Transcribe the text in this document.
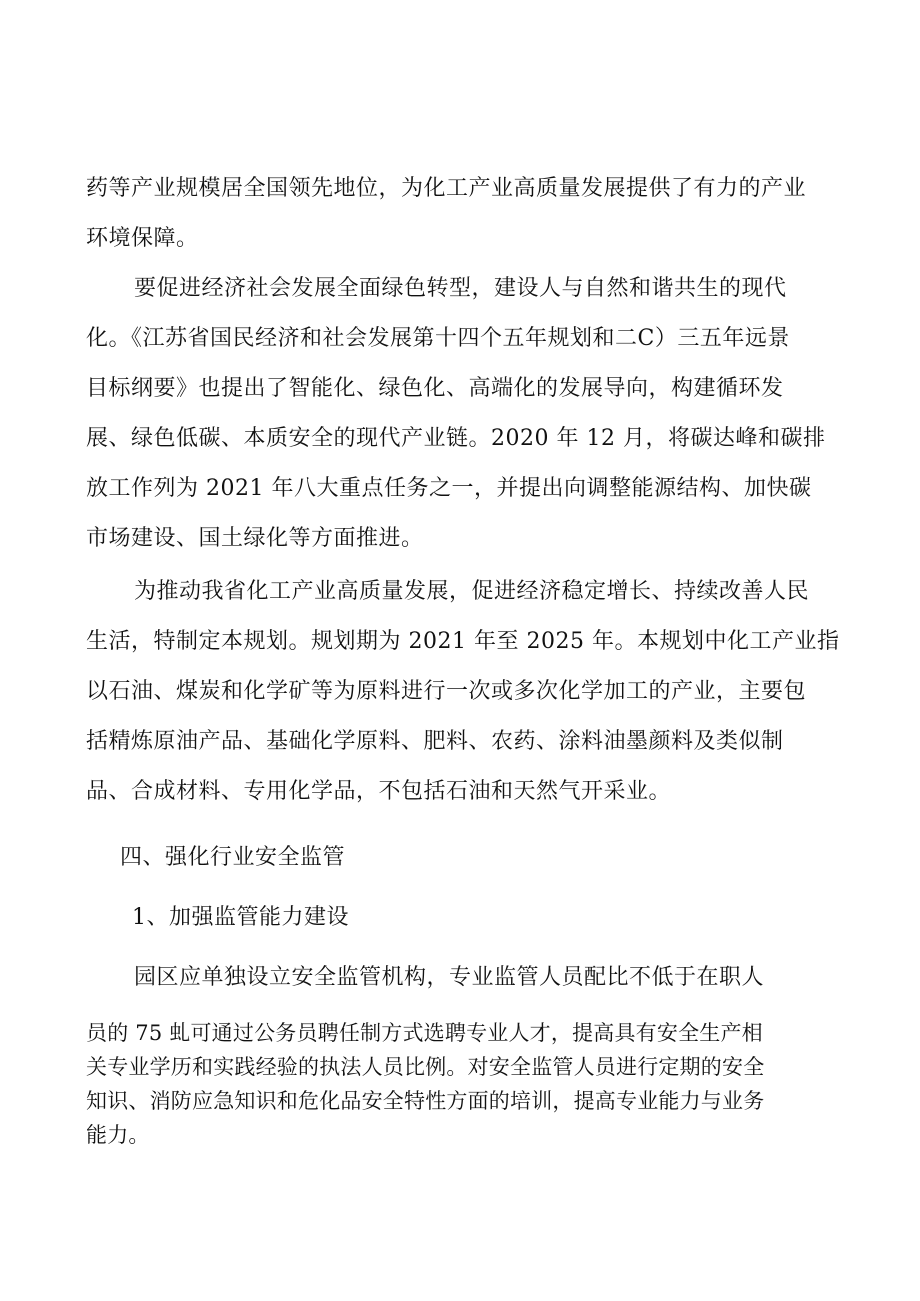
药等产业规模居全国领先地位，为化工产业高质量发展提供了有力的产业
环境保障。
要促进经济社会发展全面绿色转型，建设人与自然和谐共生的现代
化。《江苏省国民经济和社会发展第十四个五年规划和二C）三五年远景
目标纲要》也提出了智能化、绿色化、高端化的发展导向，构建循环发
展、绿色低碳、本质安全的现代产业链。2020 年 12 月，将碳达峰和碳排
放工作列为 2021 年八大重点任务之一，并提出向调整能源结构、加快碳
市场建设、国土绿化等方面推进。
为推动我省化工产业高质量发展，促进经济稳定增长、持续改善人民
生活，特制定本规划。规划期为 2021 年至 2025 年。本规划中化工产业指
以石油、煤炭和化学矿等为原料进行一次或多次化学加工的产业，主要包
括精炼原油产品、基础化学原料、肥料、农药、涂料油墨颜料及类似制
品、合成材料、专用化学品，不包括石油和天然气开采业。
四、强化行业安全监管
1、加强监管能力建设
园区应单独设立安全监管机构，专业监管人员配比不低于在职人
员的 75 虬可通过公务员聘任制方式选聘专业人才，提高具有安全生产相
关专业学历和实践经验的执法人员比例。对安全监管人员进行定期的安全
知识、消防应急知识和危化品安全特性方面的培训，提高专业能力与业务
能力。
